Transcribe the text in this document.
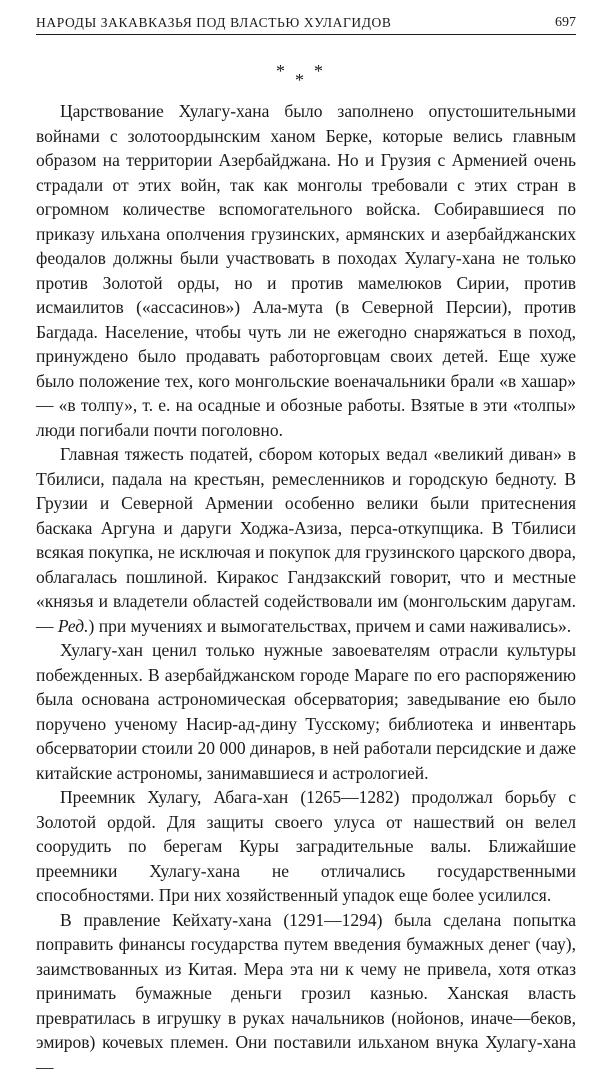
НАРОДЫ ЗАКАВКАЗЬЯ ПОД ВЛАСТЬЮ ХУЛАГИДОВ	697
* * *

Царствование Хулагу-хана было заполнено опустошительными войнами с золотоордынским ханом Берке, которые велись главным образом на территории Азербайджана. Но и Грузия с Арменией очень страдали от этих войн, так как монголы требовали с этих стран в огромном количестве вспомогательного войска. Собиравшиеся по приказу ильхана ополчения грузинских, армянских и азербайджанских феодалов должны были участвовать в походах Хулагу-хана не только против Золотой орды, но и против мамелюков Сирии, против исмаилитов («ассасинов») Ала-мута (в Северной Персии), против Багдада. Население, чтобы чуть ли не ежегодно снаряжаться в поход, принуждено было продавать работорговцам своих детей. Еще хуже было положение тех, кого монгольские военачальники брали «в хашар» — «в толпу», т. е. на осадные и обозные работы. Взятые в эти «толпы» люди погибали почти поголовно.

Главная тяжесть податей, сбором которых ведал «великий диван» в Тбилиси, падала на крестьян, ремесленников и городскую бедноту. В Грузии и Северной Армении особенно велики были притеснения баскака Аргуна и даруги Ходжа-Азиза, перса-откупщика. В Тбилиси всякая покупка, не исключая и покупок для грузинского царского двора, облагалась пошлиной. Киракос Гандзакский говорит, что и местные «князья и владетели областей содействовали им (монгольским даругам.— Ред.) при мучениях и вымогательствах, причем и сами наживались».

Хулагу-хан ценил только нужные завоевателям отрасли культуры побежденных. В азербайджанском городе Мараге по его распоряжению была основана астрономическая обсерватория; заведывание ею было поручено ученому Насир-ад-дину Тусскому; библиотека и инвентарь обсерватории стоили 20 000 динаров, в ней работали персидские и даже китайские астрономы, занимавшиеся и астрологией.

Преемник Хулагу, Абага-хан (1265—1282) продолжал борьбу с Золотой ордой. Для защиты своего улуса от нашествий он велел соорудить по берегам Куры заградительные валы. Ближайшие преемники Хулагу-хана не отличались государственными способностями. При них хозяйственный упадок еще более усилился.

В правление Кейхату-хана (1291—1294) была сделана попытка поправить финансы государства путем введения бумажных денег (чау), заимствованных из Китая. Мера эта ни к чему не привела, хотя отказ принимать бумажные деньги грозил казнью. Ханская власть превратилась в игрушку в руках начальников (нойонов, иначе—беков, эмиров) кочевых племен. Они поставили ильханом внука Хулагу-хана —
